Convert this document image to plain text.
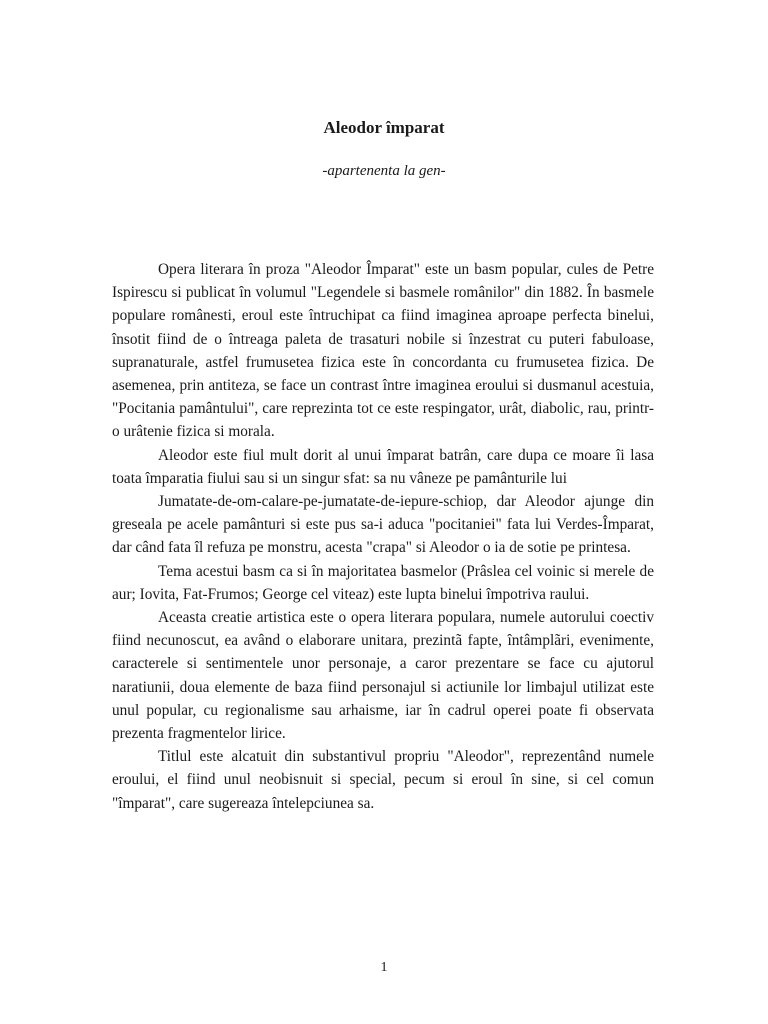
Aleodor împarat
-apartenenta la gen-

Opera literara în proza "Aleodor Împarat" este un basm popular, cules de Petre Ispirescu si publicat în volumul "Legendele si basmele românilor" din 1882. În basmele populare românesti, eroul este întruchipat ca fiind imaginea aproape perfecta binelui, însotit fiind de o întreaga paleta de trasaturi nobile si înzestrat cu puteri fabuloase, supranaturale, astfel frumusetea fizica este în concordanta cu frumusetea fizica. De asemenea, prin antiteza, se face un contrast între imaginea eroului si dusmanul acestuia, "Pocitania pamântului", care reprezinta tot ce este respingator, urât, diabolic, rau, printr-o urâtenie fizica si morala.

Aleodor este fiul mult dorit al unui împarat batrân, care dupa ce moare îi lasa toata împaratia fiului sau si un singur sfat: sa nu vâneze pe pamânturile lui

Jumatate-de-om-calare-pe-jumatate-de-iepure-schiop, dar Aleodor ajunge din greseala pe acele pamânturi si este pus sa-i aduca "pocitaniei" fata lui Verdes-Împarat, dar când fata îl refuza pe monstru, acesta "crapa" si Aleodor o ia de sotie pe printesa.

Tema acestui basm ca si în majoritatea basmelor (Prâslea cel voinic si merele de aur; Iovita, Fat-Frumos; George cel viteaz) este lupta binelui împotriva raului.

Aceasta creatie artistica este o opera literara populara, numele autorului coectiv fiind necunoscut, ea având o elaborare unitara, prezintã fapte, întâmplãri, evenimente, caracterele si sentimentele unor personaje, a caror prezentare se face cu ajutorul naratiunii, doua elemente de baza fiind personajul si actiunile lor limbajul utilizat este unul popular, cu regionalisme sau arhaisme, iar în cadrul operei poate fi observata prezenta fragmentelor lirice.

Titlul este alcatuit din substantivul propriu "Aleodor", reprezentând numele eroului, el fiind unul neobisnuit si special, pecum si eroul în sine, si cel comun "împarat", care sugereaza întelepciunea sa.

1
